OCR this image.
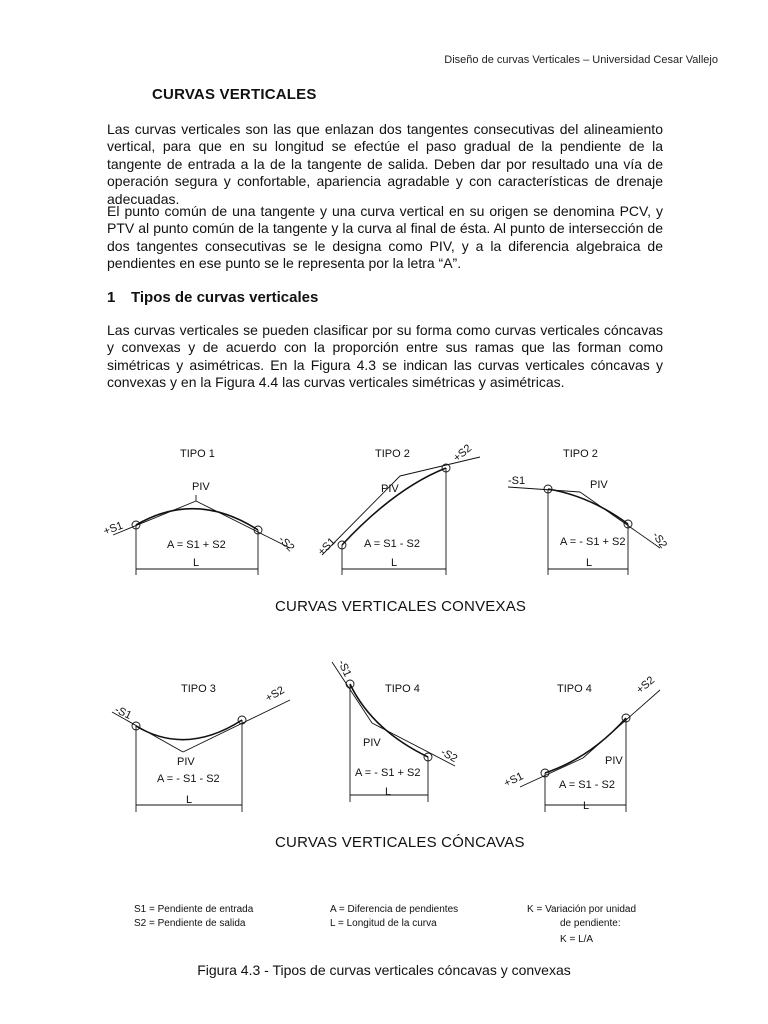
Diseño de curvas Verticales – Universidad Cesar Vallejo
CURVAS VERTICALES

Las curvas verticales son las que enlazan dos tangentes consecutivas del alineamiento vertical, para que en su longitud se efectúe el paso gradual de la pendiente de la tangente de entrada a la de la tangente de salida. Deben dar por resultado una vía de operación segura y confortable, apariencia agradable y con características de drenaje adecuadas.

El punto común de una tangente y una curva vertical en su origen se denomina PCV, y PTV al punto común de la tangente y la curva al final de ésta. Al punto de intersección de dos tangentes consecutivas se le designa como PIV, y a la diferencia algebraica de pendientes en ese punto se le representa por la letra “A”.

1 Tipos de curvas verticales

Las curvas verticales se pueden clasificar por su forma como curvas verticales cóncavas y convexas y de acuerdo con la proporción entre sus ramas que las forman como simétricas y asimétricas. En la Figura 4.3 se indican las curvas verticales cóncavas y convexas y en la Figura 4.4 las curvas verticales simétricas y asimétricas.

TIPO 1
PIV
+S1
-S2
A = S1 + S2
L
TIPO 2
PIV
+S1
+S2
A = S1 - S2
L
TIPO 2
-S1	PIV
-S2
A = - S1 + S2
L
CURVAS VERTICALES CONVEXAS
TIPO 3
-S1
+S2
PIV
A = - S1 - S2
L
TIPO 4
-S1
-S2
PIV
A = - S1 + S2
L
TIPO 4	+S2
PIV
+S1	A = S1 - S2
L
CURVAS VERTICALES CÓNCAVAS
S1 = Pendiente de entrada
S2 = Pendiente de salida
A = Diferencia de pendientes
L = Longitud de la curva
K = Variación por unidad
de pendiente:
K = L/A
Figura 4.3 - Tipos de curvas verticales cóncavas y convexas
